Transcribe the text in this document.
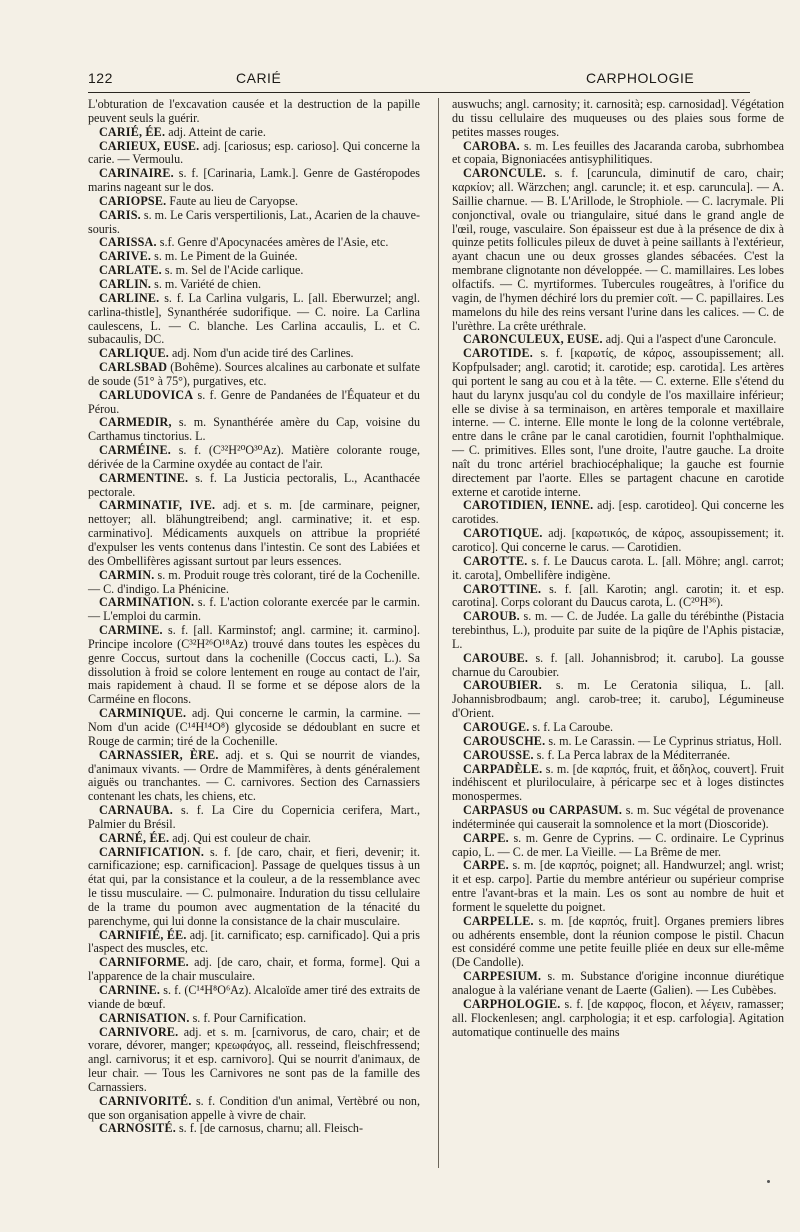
122	CARIÉ	CARPHOLOGIE

L'obturation de l'excavation causée et la destruction de la papille peuvent seuls la guérir.

CARIÉ, ÉE. adj. Atteint de carie.

CARIEUX, EUSE. adj. [cariosus; esp. carioso]. Qui concerne la carie. — Vermoulu.

CARINAIRE. s. f. [Carinaria, Lamk.]. Genre de Gastéropodes marins nageant sur le dos.

CARIOPSE. Faute au lieu de Caryopse.

CARIS. s. m. Le Caris verspertilionis, Lat., Acarien de la chauve-souris.

CARISSA. s.f. Genre d'Apocynacées amères de l'Asie, etc.

CARIVE. s. m. Le Piment de la Guinée.

CARLATE. s. m. Sel de l'Acide carlique.

CARLIN. s. m. Variété de chien.

CARLINE. s. f. La Carlina vulgaris, L. [all. Eberwurzel; angl. carlina-thistle], Synanthérée sudorifique. — C. noire. La Carlina caulescens, L. — C. blanche. Les Carlina accaulis, L. et C. subacaulis, DC.

CARLIQUE. adj. Nom d'un acide tiré des Carlines.

CARLSBAD (Bohême). Sources alcalines au carbonate et sulfate de soude (51° à 75°), purgatives, etc.

CARLUDOVICA s. f. Genre de Pandanées de l'Équateur et du Pérou.

CARMEDIR, s. m. Synanthérée amère du Cap, voisine du Carthamus tinctorius. L.

CARMÉINE. s. f. (C³²H²⁰O³⁰Az). Matière colorante rouge, dérivée de la Carmine oxydée au contact de l'air.

CARMENTINE. s. f. La Justicia pectoralis, L., Acanthacée pectorale.

CARMINATIF, IVE. adj. et s. m. [de carminare, peigner, nettoyer; all. blähungtreibend; angl. carminative; it. et esp. carminativo]. Médicaments auxquels on attribue la propriété d'expulser les vents contenus dans l'intestin. Ce sont des Labiées et des Ombellifères agissant surtout par leurs essences.

CARMIN. s. m. Produit rouge très colorant, tiré de la Cochenille. — C. d'indigo. La Phénicine.

CARMINATION. s. f. L'action colorante exercée par le carmin. — L'emploi du carmin.

CARMINE. s. f. [all. Karminstof; angl. carmine; it. carmino]. Principe incolore (C³²H²⁶O¹⁸Az) trouvé dans toutes les espèces du genre Coccus, surtout dans la cochenille (Coccus cacti, L.). Sa dissolution à froid se colore lentement en rouge au contact de l'air, mais rapidement à chaud. Il se forme et se dépose alors de la Carméine en flocons.

CARMINIQUE. adj. Qui concerne le carmin, la carmine. — Nom d'un acide (C¹⁴H¹⁴O⁸) glycoside se dédoublant en sucre et Rouge de carmin; tiré de la Cochenille.

CARNASSIER, ÈRE. adj. et s. Qui se nourrit de viandes, d'animaux vivants. — Ordre de Mammifères, à dents généralement aiguës ou tranchantes. — C. carnivores. Section des Carnassiers contenant les chats, les chiens, etc.

CARNAUBA. s. f. La Cire du Copernicia cerifera, Mart., Palmier du Brésil.

CARNÉ, ÉE. adj. Qui est couleur de chair.

CARNIFICATION. s. f. [de caro, chair, et fieri, devenir; it. carnificazione; esp. carnificacion]. Passage de quelques tissus à un état qui, par la consistance et la couleur, a de la ressemblance avec le tissu musculaire. — C. pulmonaire. Induration du tissu cellulaire de la trame du poumon avec augmentation de la ténacité du parenchyme, qui lui donne la consistance de la chair musculaire.

CARNIFIÉ, ÉE. adj. [it. carnificato; esp. carnificado]. Qui a pris l'aspect des muscles, etc.

CARNIFORME. adj. [de caro, chair, et forma, forme]. Qui a l'apparence de la chair musculaire.

CARNINE. s. f. (C¹⁴H⁸O⁶Az). Alcaloïde amer tiré des extraits de viande de bœuf.

CARNISATION. s. f. Pour Carnification.

CARNIVORE. adj. et s. m. [carnivorus, de caro, chair; et de vorare, dévorer, manger; κρεωφάγος, all. resseind, fleischfressend; angl. carnivorus; it et esp. carnivoro]. Qui se nourrit d'animaux, de leur chair. — Tous les Carnivores ne sont pas de la famille des Carnassiers.

CARNIVORITÉ. s. f. Condition d'un animal, Vertèbré ou non, que son organisation appelle à vivre de chair.

CARNOSITÉ. s. f. [de carnosus, charnu; all. Fleisch-

auswuchs; angl. carnosity; it. carnosità; esp. carnosidad]. Végétation du tissu cellulaire des muqueuses ou des plaies sous forme de petites masses rouges.

CAROBA. s. m. Les feuilles des Jacaranda caroba, subrhombea et copaia, Bignoniacées antisyphilitiques.

CARONCULE. s. f. [caruncula, diminutif de caro, chair; καρκίον; all. Wärzchen; angl. caruncle; it. et esp. caruncula]. — A. Saillie charnue. — B. L'Arillode, le Strophiole. — C. lacrymale. Pli conjonctival, ovale ou triangulaire, situé dans le grand angle de l'œil, rouge, vasculaire. Son épaisseur est due à la présence de dix à quinze petits follicules pileux de duvet à peine saillants à l'extérieur, ayant chacun une ou deux grosses glandes sébacées. C'est la membrane clignotante non développée. — C. mamillaires. Les lobes olfactifs. — C. myrtiformes. Tubercules rougeâtres, à l'orifice du vagin, de l'hymen déchiré lors du premier coït. — C. papillaires. Les mamelons du hile des reins versant l'urine dans les calices. — C. de l'urèthre. La crête uréthrale.

CARONCULEUX, EUSE. adj. Qui a l'aspect d'une Caroncule.

CAROTIDE. s. f. [καρωτίς, de κάρος, assoupissement; all. Kopfpulsader; angl. carotid; it. carotide; esp. carotida]. Les artères qui portent le sang au cou et à la tête. — C. externe. Elle s'étend du haut du larynx jusqu'au col du condyle de l'os maxillaire inférieur; elle se divise à sa terminaison, en artères temporale et maxillaire interne. — C. interne. Elle monte le long de la colonne vertébrale, entre dans le crâne par le canal carotidien, fournit l'ophthalmique. — C. primitives. Elles sont, l'une droite, l'autre gauche. La droite naît du tronc artériel brachiocéphalique; la gauche est fournie directement par l'aorte. Elles se partagent chacune en carotide externe et carotide interne.

CAROTIDIEN, IENNE. adj. [esp. carotideo]. Qui concerne les carotides.

CAROTIQUE. adj. [καρωτικός, de κάρος, assoupissement; it. caroticо]. Qui concerne le carus. — Carotidien.

CAROTTE. s. f. Le Daucus carota. L. [all. Möhre; angl. carrot; it. carota], Ombellifère indigène.

CAROTTINE. s. f. [all. Karotin; angl. carotin; it. et esp. carotina]. Corps colorant du Daucus carota, L. (C²⁰H³⁶).

CAROUB. s. m. — C. de Judée. La galle du térébinthe (Pistacia terebinthus, L.), produite par suite de la piqûre de l'Aphis pistaciæ, L.

CAROUBE. s. f. [all. Johannisbrod; it. carubo]. La gousse charnue du Caroubier.

CAROUBIER. s. m. Le Ceratonia siliqua, L. [all. Johannisbrodbaum; angl. carob-tree; it. carubo], Légumineuse d'Orient.

CAROUGE. s. f. La Caroube.

CAROUSCHE. s. m. Le Carassin. — Le Cyprinus striatus, Holl.

CAROUSSE. s. f. La Perca labrax de la Méditerranée.

CARPADÈLE. s. m. [de καρπός, fruit, et ἄδηλος, couvert]. Fruit indéhiscent et pluriloculaire, à péricarpe sec et à loges distinctes monospermes.

CARPASUS ou CARPASUM. s. m. Suc végétal de provenance indéterminée qui causerait la somnolence et la mort (Dioscoride).

CARPE. s. m. Genre de Cyprins. — C. ordinaire. Le Cyprinus capio, L. — C. de mer. La Vieille. — La Brême de mer.

CARPE. s. m. [de καρπός, poignet; all. Handwurzel; angl. wrist; it et esp. carpo]. Partie du membre antérieur ou supérieur comprise entre l'avant-bras et la main. Les os sont au nombre de huit et forment le squelette du poignet.

CARPELLE. s. m. [de καρπός, fruit]. Organes premiers libres ou adhérents ensemble, dont la réunion compose le pistil. Chacun est considéré comme une petite feuille pliée en deux sur elle-même (De Candolle).

CARPESIUM. s. m. Substance d'origine inconnue diurétique analogue à la valériane venant de Laerte (Galien). — Les Cubèbes.

CARPHOLOGIE. s. f. [de καρφος, flocon, et λέγειν, ramasser; all. Flockenlesen; angl. carphologia; it et esp. carfologia]. Agitation automatique continuelle des mains
